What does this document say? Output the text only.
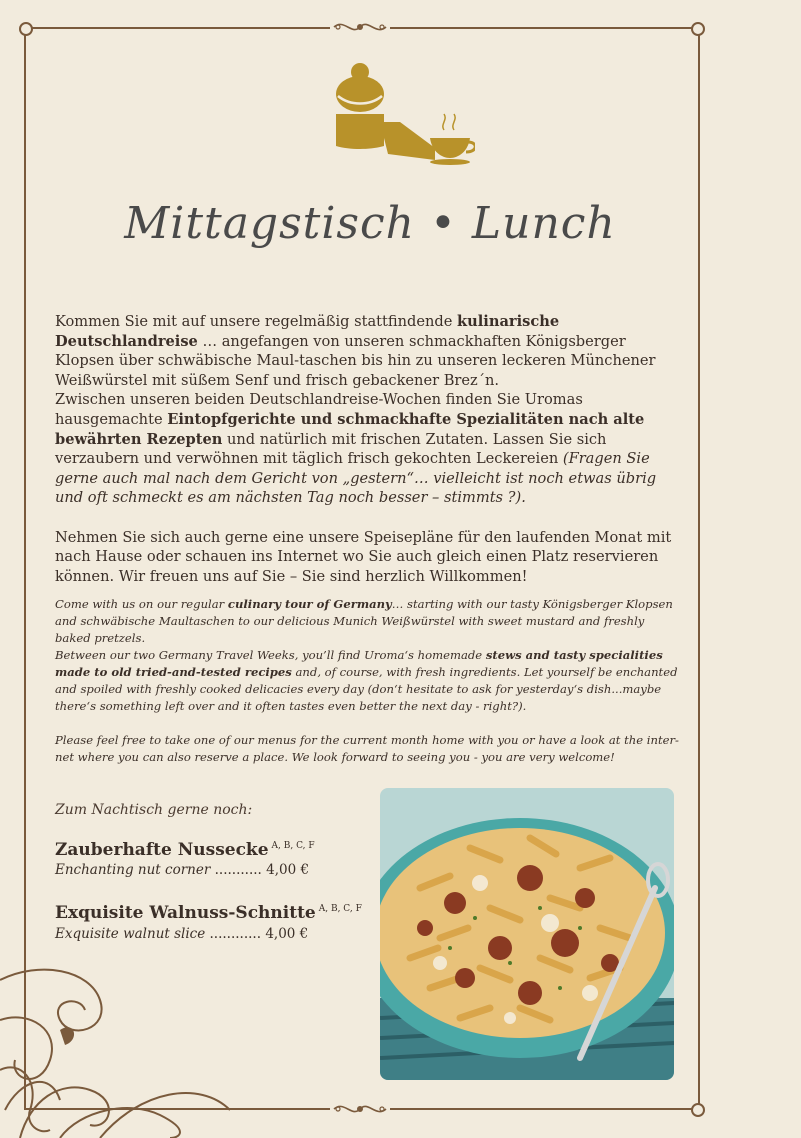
Mittagstisch • Lunch

Kommen Sie mit auf unsere regelmäßig stattfindende kulinarische Deutschlandreise … angefangen von unseren schmackhaften Königsberger Klopsen über schwäbische Maul-taschen bis hin zu unseren leckeren Münchener Weißwürstel mit süßem Senf und frisch gebackener Brez´n.

Zwischen unseren beiden Deutschlandreise-Wochen finden Sie Uromas hausgemachte Eintopfgerichte und schmackhafte Spezialitäten nach alte bewährten Rezepten und natürlich mit frischen Zutaten. Lassen Sie sich verzaubern und verwöhnen mit täglich frisch gekochten Leckereien (Fragen Sie gerne auch mal nach dem Gericht von „gestern“… vielleicht ist noch etwas übrig und oft schmeckt es am nächsten Tag noch besser – stimmts ?).

Nehmen Sie sich auch gerne eine unsere Speisepläne für den laufenden Monat mit nach Hause oder schauen ins Internet wo Sie auch gleich einen Platz reservieren können. Wir freuen uns auf Sie – Sie sind herzlich Willkommen!

Come with us on our regular culinary tour of Germany… starting with our tasty Königsberger Klopsen and schwäbische Maultaschen to our delicious Munich Weißwürstel with sweet mustard and freshly baked pretzels.

Between our two Germany Travel Weeks, you’ll find Uroma‘s homemade stews and tasty specialities made to old tried-and-tested recipes and, of course, with fresh ingredients. Let yourself be enchanted and spoiled with freshly cooked delicacies every day (don‘t hesitate to ask for yesterday‘s dish...maybe there‘s something left over and it often tastes even better the next day - right?).

Please feel free to take one of our menus for the current month home with you or have a look at the inter-net where you can also reserve a place. We look forward to seeing you - you are very welcome!

Zum Nachtisch gerne noch:
Zauberhafte Nussecke $^{A, B, C, F}$
Enchanting nut corner ........... 4,00 €
Exquisite Walnuss-Schnitte $^{A, B, C, F}$
Exquisite walnut slice ............ 4,00 €
